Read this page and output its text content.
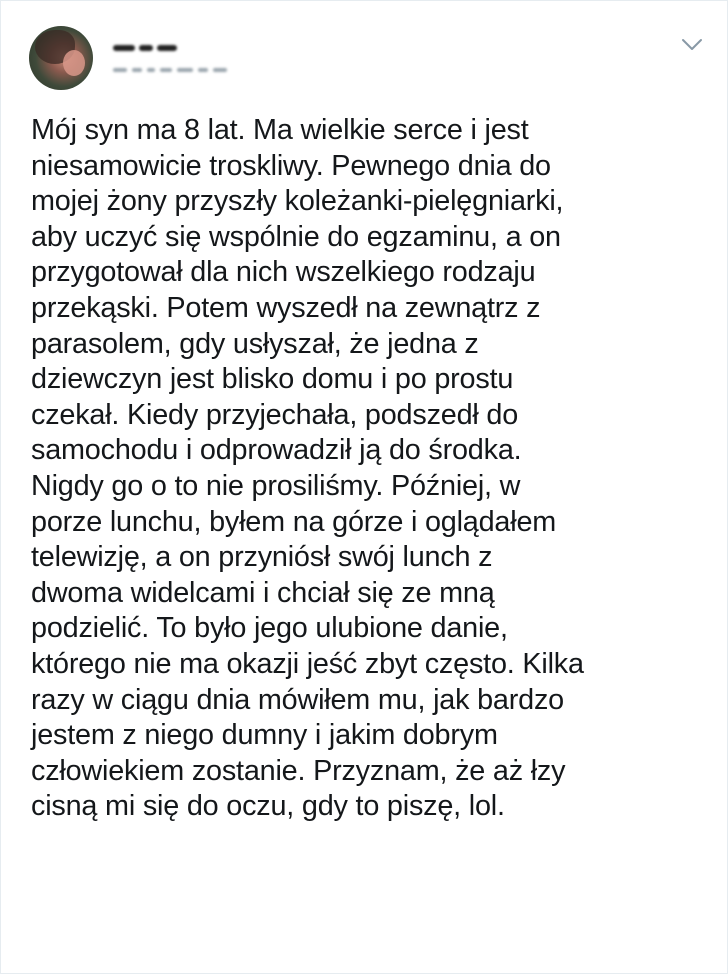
Mój syn ma 8 lat. Ma wielkie serce i jest
niesamowicie troskliwy. Pewnego dnia do
mojej żony przyszły koleżanki-pielęgniarki,
aby uczyć się wspólnie do egzaminu, a on
przygotował dla nich wszelkiego rodzaju
przekąski. Potem wyszedł na zewnątrz z
parasolem, gdy usłyszał, że jedna z
dziewczyn jest blisko domu i po prostu
czekał. Kiedy przyjechała, podszedł do
samochodu i odprowadził ją do środka.
Nigdy go o to nie prosiliśmy. Później, w
porze lunchu, byłem na górze i oglądałem
telewizję, a on przyniósł swój lunch z
dwoma widelcami i chciał się ze mną
podzielić. To było jego ulubione danie,
którego nie ma okazji jeść zbyt często. Kilka
razy w ciągu dnia mówiłem mu, jak bardzo
jestem z niego dumny i jakim dobrym
człowiekiem zostanie. Przyznam, że aż łzy
cisną mi się do oczu, gdy to piszę, lol.
